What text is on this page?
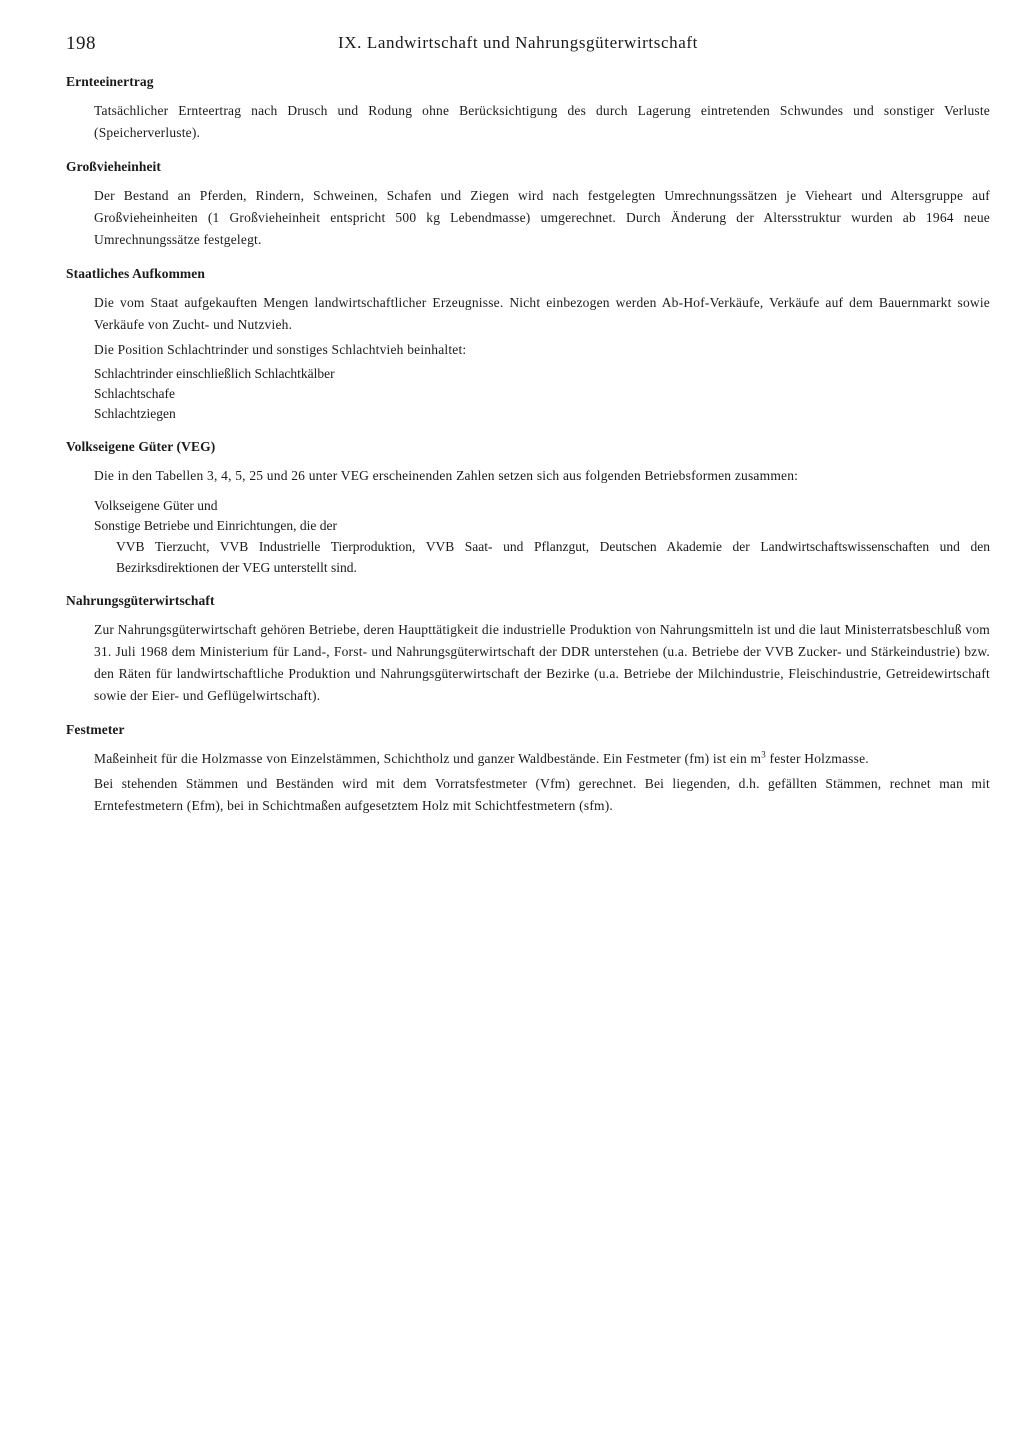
198	IX. Landwirtschaft und Nahrungsgüterwirtschaft
Ernteeinertrag

Tatsächlicher Ernteertrag nach Drusch und Rodung ohne Berücksichtigung des durch Lagerung eintretenden Schwundes und sonstiger Verluste (Speicherverluste).

Großvieheinheit

Der Bestand an Pferden, Rindern, Schweinen, Schafen und Ziegen wird nach festgelegten Umrechnungssätzen je Vieheart und Altersgruppe auf Großvieheinheiten (1 Großvieheinheit entspricht 500 kg Lebendmasse) umgerechnet. Durch Änderung der Altersstruktur wurden ab 1964 neue Umrechnungssätze festgelegt.

Staatliches Aufkommen

Die vom Staat aufgekauften Mengen landwirtschaftlicher Erzeugnisse. Nicht einbezogen werden Ab-Hof-Verkäufe, Verkäufe auf dem Bauernmarkt sowie Verkäufe von Zucht- und Nutzvieh.

Die Position Schlachtrinder und sonstiges Schlachtvieh beinhaltet:

Schlachtrinder einschließlich Schlachtkälber
Schlachtschafe
Schlachtziegen
Volkseigene Güter (VEG)

Die in den Tabellen 3, 4, 5, 25 und 26 unter VEG erscheinenden Zahlen setzen sich aus folgenden Betriebsformen zusammen:

Volkseigene Güter und
Sonstige Betriebe und Einrichtungen, die der
VVB Tierzucht, VVB Industrielle Tierproduktion, VVB Saat- und Pflanzgut, Deutschen Akademie der Landwirtschaftswissenschaften und den Bezirksdirektionen der VEG unterstellt sind.
Nahrungsgüterwirtschaft

Zur Nahrungsgüterwirtschaft gehören Betriebe, deren Haupttätigkeit die industrielle Produktion von Nahrungsmitteln ist und die laut Ministerratsbeschluß vom 31. Juli 1968 dem Ministerium für Land-, Forst- und Nahrungsgüterwirtschaft der DDR unterstehen (u.a. Betriebe der VVB Zucker- und Stärkeindustrie) bzw. den Räten für landwirtschaftliche Produktion und Nahrungsgüterwirtschaft der Bezirke (u.a. Betriebe der Milchindustrie, Fleischindustrie, Getreidewirtschaft sowie der Eier- und Geflügelwirtschaft).

Festmeter

Maßeinheit für die Holzmasse von Einzelstämmen, Schichtholz und ganzer Waldbestände. Ein Festmeter (fm) ist ein $m^3$ fester Holzmasse.

Bei stehenden Stämmen und Beständen wird mit dem Vorratsfestmeter (Vfm) gerechnet. Bei liegenden, d.h. gefällten Stämmen, rechnet man mit Erntefestmetern (Efm), bei in Schichtmaßen aufgesetztem Holz mit Schichtfestmetern (sfm).
